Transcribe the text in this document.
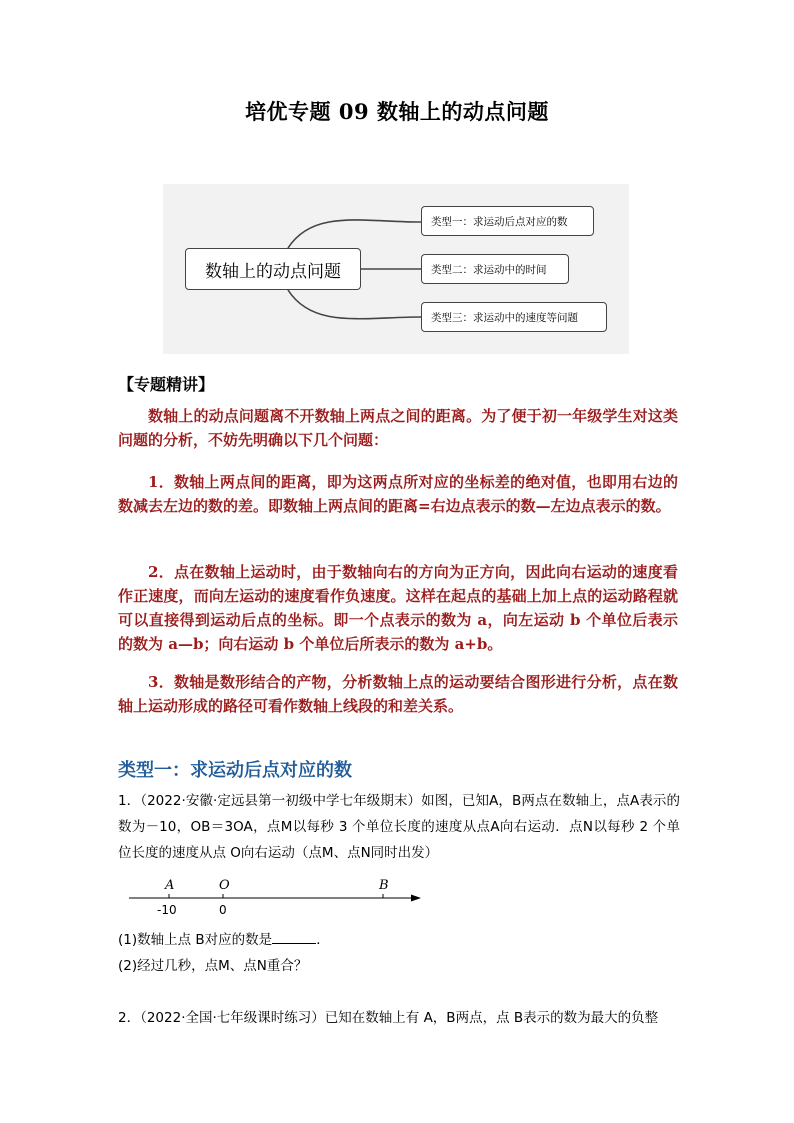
培优专题 09 数轴上的动点问题
数轴上的动点问题
类型一：求运动后点对应的数
类型二：求运动中的时间
类型三：求运动中的速度等问题
【专题精讲】
数轴上的动点问题离不开数轴上两点之间的距离。为了便于初一年级学生对这类问题的分析，不妨先明确以下几个问题：
1．数轴上两点间的距离，即为这两点所对应的坐标差的绝对值，也即用右边的数减去左边的数的差。即数轴上两点间的距离=右边点表示的数—左边点表示的数。
2．点在数轴上运动时，由于数轴向右的方向为正方向，因此向右运动的速度看作正速度，而向左运动的速度看作负速度。这样在起点的基础上加上点的运动路程就可以直接得到运动后点的坐标。即一个点表示的数为 a，向左运动 b 个单位后表示的数为 a—b；向右运动 b 个单位后所表示的数为 a+b。
3．数轴是数形结合的产物，分析数轴上点的运动要结合图形进行分析，点在数轴上运动形成的路径可看作数轴上线段的和差关系。
类型一：求运动后点对应的数
1．（2022·安徽·定远县第一初级中学七年级期末）如图，已知A，B两点在数轴上，点A表示的数为－10，OB＝3OA，点M以每秒 3 个单位长度的速度从点A向右运动．点N以每秒 2 个单位长度的速度从点 O向右运动（点M、点N同时出发）
A	O	B
-10	0
(1)数轴上点 B对应的数是	．
(2)经过几秒，点M、点N重合？
2．（2022·全国·七年级课时练习）已知在数轴上有 A，B两点，点 B表示的数为最大的负整
